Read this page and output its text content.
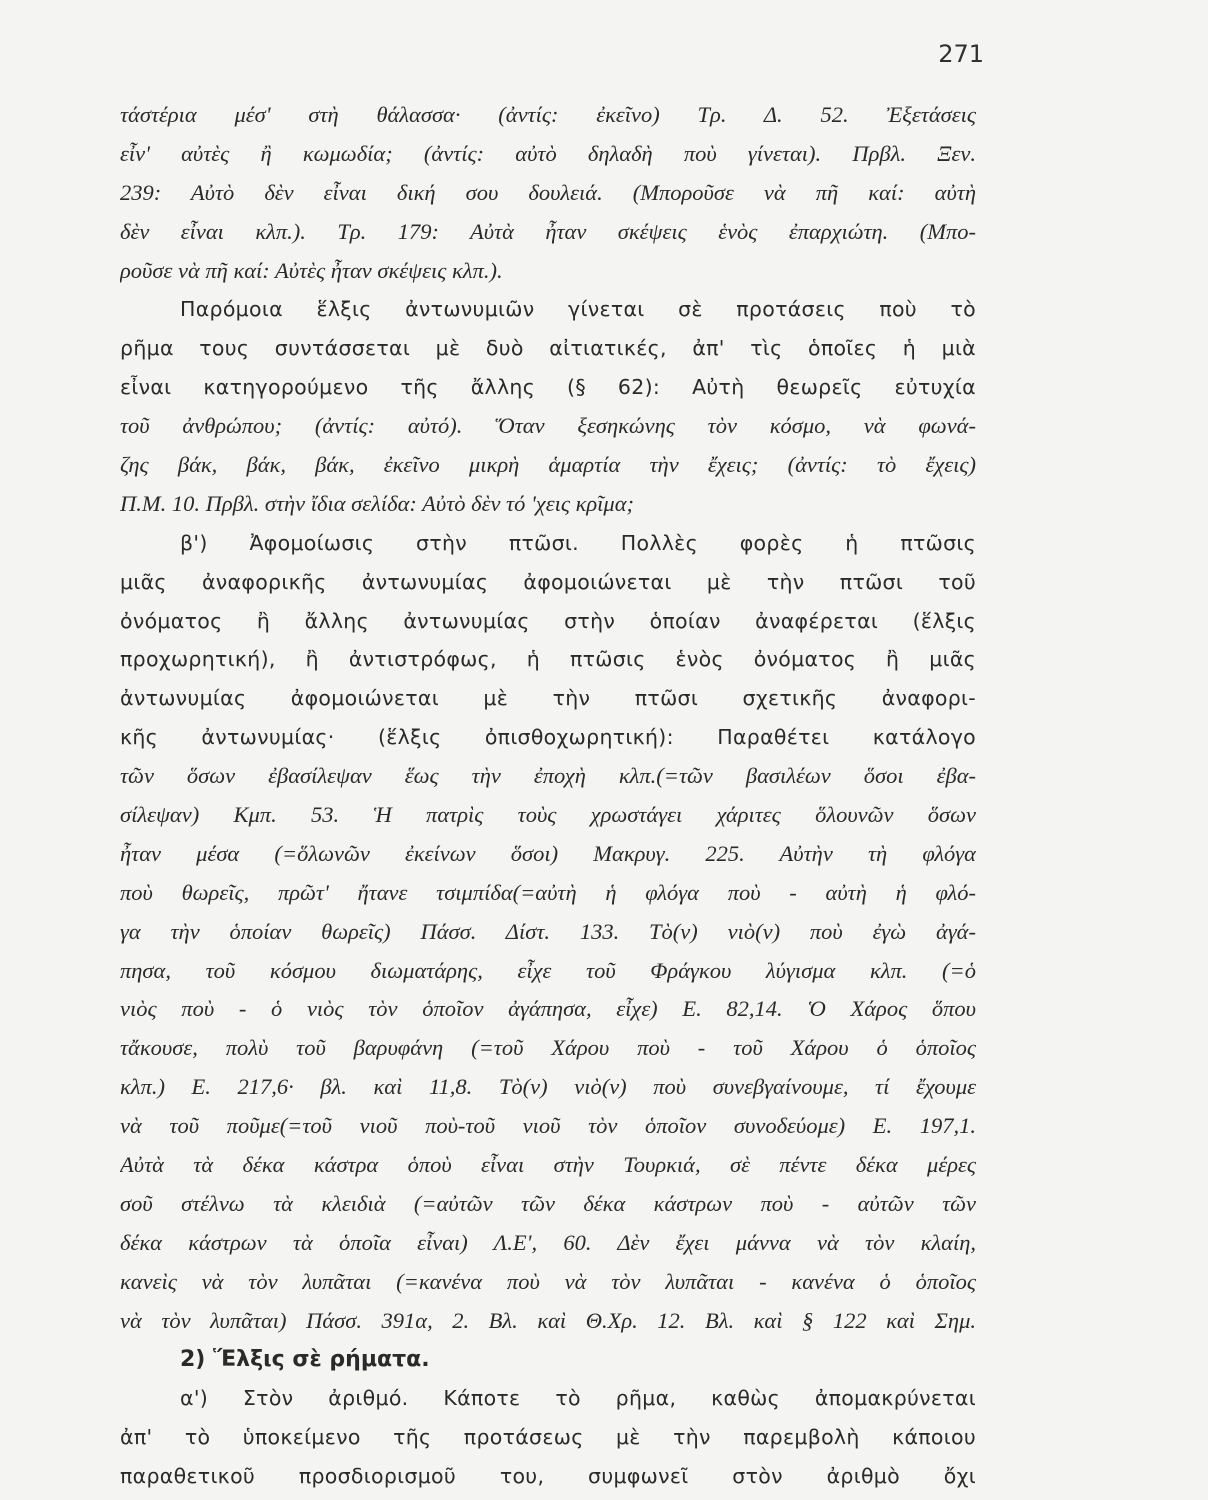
271
τάστέρια μέσ' στὴ θάλασσα· (ἀντίς: ἐκεῖνο) Τρ. Δ. 52. Ἐξετάσεις
εἶν' αὐτὲς ἢ κωμωδία; (ἀντίς: αὐτὸ δηλαδὴ ποὺ γίνεται). Πρβλ. Ξεν.
239: Αὐτὸ δὲν εἶναι δική σου δουλειά. (Μποροῦσε νὰ πῆ καί: αὐτὴ
δὲν εἶναι κλπ.). Τρ. 179: Αὐτὰ ἦταν σκέψεις ἑνὸς ἐπαρχιώτη. (Μπο-
ροῦσε νὰ πῆ καί: Αὐτὲς ἦταν σκέψεις κλπ.).
Παρόμοια ἕλξις ἀντωνυμιῶν γίνεται σὲ προτάσεις ποὺ τὸ
ρῆμα τους συντάσσεται μὲ δυὸ αἰτιατικές, ἀπ' τὶς ὁποῖες ἡ μιὰ
εἶναι κατηγορούμενο τῆς ἄλλης (§ 62): Αὐτὴ θεωρεῖς εὐτυχία
τοῦ ἀνθρώπου; (ἀντίς: αὐτό). Ὅταν ξεσηκώνης τὸν κόσμο, νὰ φωνά-
ζης βάκ, βάκ, βάκ, ἐκεῖνο μικρὴ ἁμαρτία τὴν ἔχεις; (ἀντίς: τὸ ἔχεις)
Π.Μ. 10. Πρβλ. στὴν ἴδια σελίδα: Αὐτὸ δὲν τό 'χεις κρῖμα;
β') Ἀφομοίωσις στὴν πτῶσι. Πολλὲς φορὲς ἡ πτῶσις
μιᾶς ἀναφορικῆς ἀντωνυμίας ἀφομοιώνεται μὲ τὴν πτῶσι τοῦ
ὀνόματος ἢ ἄλλης ἀντωνυμίας στὴν ὁποίαν ἀναφέρεται (ἕλξις
προχωρητική), ἢ ἀντιστρόφως, ἡ πτῶσις ἑνὸς ὀνόματος ἢ μιᾶς
ἀντωνυμίας ἀφομοιώνεται μὲ τὴν πτῶσι σχετικῆς ἀναφορι-
κῆς ἀντωνυμίας· (ἕλξις ὀπισθοχωρητική): Παραθέτει κατάλογο
τῶν ὅσων ἐβασίλεψαν ἕως τὴν ἐποχὴ κλπ.(=τῶν βασιλέων ὅσοι ἐβα-
σίλεψαν) Κμπ. 53. Ἡ πατρὶς τοὺς χρωστάγει χάριτες ὅλουνῶν ὅσων
ἦταν μέσα (=ὅλωνῶν ἐκείνων ὅσοι) Μακρυγ. 225. Αὐτὴν τὴ φλόγα
ποὺ θωρεῖς, πρῶτ' ἤτανε τσιμπίδα(=αὐτὴ ἡ φλόγα ποὺ - αὐτὴ ἡ φλό-
γα τὴν ὁποίαν θωρεῖς) Πάσσ. Δίστ. 133. Τὸ(ν) νιὸ(ν) ποὺ ἐγὼ ἀγά-
πησα, τοῦ κόσμου διωματάρης, εἶχε τοῦ Φράγκου λύγισμα κλπ. (=ὁ
νιὸς ποὺ - ὁ νιὸς τὸν ὁποῖον ἀγάπησα, εἶχε) Ε. 82,14. Ὁ Χάρος ὅπου
τἄκουσε, πολὺ τοῦ βαρυφάνη (=τοῦ Χάρου ποὺ - τοῦ Χάρου ὁ ὁποῖος
κλπ.) Ε. 217,6· βλ. καὶ 11,8. Τὸ(ν) νιὸ(ν) ποὺ συνεβγαίνουμε, τί ἔχουμε
νὰ τοῦ ποῦμε(=τοῦ νιοῦ ποὺ-τοῦ νιοῦ τὸν ὁποῖον συνοδεύομε) Ε. 197,1.
Αὐτὰ τὰ δέκα κάστρα ὁποὺ εἶναι στὴν Τουρκιά, σὲ πέντε δέκα μέρες
σοῦ στέλνω τὰ κλειδιὰ (=αὐτῶν τῶν δέκα κάστρων ποὺ - αὐτῶν τῶν
δέκα κάστρων τὰ ὁποῖα εἶναι) Λ.Ε', 60. Δὲν ἔχει μάννα νὰ τὸν κλαίη,
κανεὶς νὰ τὸν λυπᾶται (=κανένα ποὺ νὰ τὸν λυπᾶται - κανένα ὁ ὁποῖος
νὰ τὸν λυπᾶται) Πάσσ. 391α, 2. Βλ. καὶ Θ.Χρ. 12. Βλ. καὶ § 122 καὶ Σημ.
2) Ἕλξις σὲ ρήματα.
α') Στὸν ἀριθμό. Κάποτε τὸ ρῆμα, καθὼς ἀπομακρύνεται
ἀπ' τὸ ὑποκείμενο τῆς προτάσεως μὲ τὴν παρεμβολὴ κάποιου
παραθετικοῦ προσδιορισμοῦ του, συμφωνεῖ στὸν ἀριθμὸ ὄχι
